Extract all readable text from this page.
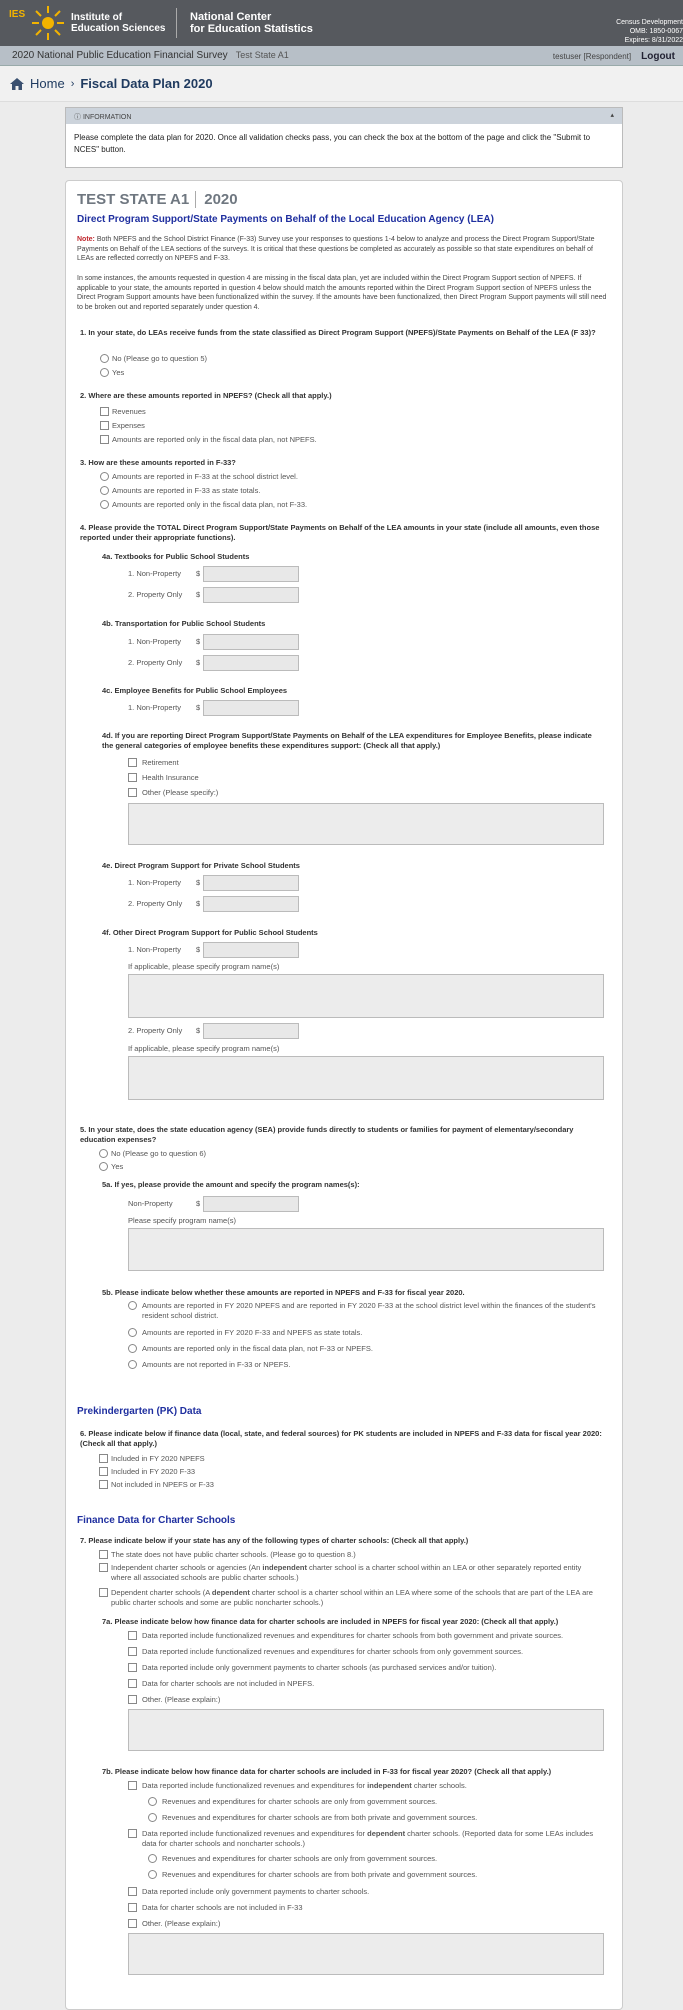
IES	Institute of
Education Sciences
National Center
for Education Statistics
Census Development
OMB: 1850-0067
Expires: 8/31/2022
2020 National Public Education Financial Survey Test State A1	testuser [Respondent] Logout
Home › Fiscal Data Plan 2020
ⓘ INFORMATION	▴
Please complete the data plan for 2020. Once all validation checks pass, you can check the box at the bottom of the page and click the "Submit to NCES" button.
TEST STATE A1 2020
Direct Program Support/State Payments on Behalf of the Local Education Agency (LEA)
Note: Both NPEFS and the School District Finance (F-33) Survey use your responses to questions 1-4 below to analyze and process the Direct Program Support/State Payments on Behalf of the LEA sections of the surveys. It is critical that these questions be completed as accurately as possible so that state expenditures on behalf of LEAs are reflected correctly on NPEFS and F-33.
In some instances, the amounts requested in question 4 are missing in the fiscal data plan, yet are included within the Direct Program Support section of NPEFS. If applicable to your state, the amounts reported in question 4 below should match the amounts reported within the Direct Program Support section of NPEFS unless the Direct Program Support amounts have been functionalized within the survey. If the amounts have been functionalized, then Direct Program Support payments will still need to be broken out and reported separately under question 4.
1. In your state, do LEAs receive funds from the state classified as Direct Program Support (NPEFS)/State Payments on Behalf of the LEA (F 33)?
No (Please go to question 5)
Yes
2. Where are these amounts reported in NPEFS? (Check all that apply.)
Revenues
Expenses
Amounts are reported only in the fiscal data plan, not NPEFS.
3. How are these amounts reported in F-33?
Amounts are reported in F-33 at the school district level.
Amounts are reported in F-33 as state totals.
Amounts are reported only in the fiscal data plan, not F-33.
4. Please provide the TOTAL Direct Program Support/State Payments on Behalf of the LEA amounts in your state (include all amounts, even those reported under their appropriate functions).
4a. Textbooks for Public School Students
1. Non-Property $
2. Property Only $
4b. Transportation for Public School Students
1. Non-Property $
2. Property Only $
4c. Employee Benefits for Public School Employees
1. Non-Property $
4d. If you are reporting Direct Program Support/State Payments on Behalf of the LEA expenditures for Employee Benefits, please indicate the general categories of employee benefits these expenditures support: (Check all that apply.)
Retirement
Health Insurance
Other (Please specify:)
4e. Direct Program Support for Private School Students
1. Non-Property $
2. Property Only $
4f. Other Direct Program Support for Public School Students
1. Non-Property $
If applicable, please specify program name(s)
2. Property Only $
If applicable, please specify program name(s)
5. In your state, does the state education agency (SEA) provide funds directly to students or families for payment of elementary/secondary education expenses?
No (Please go to question 6)
Yes
5a. If yes, please provide the amount and specify the program names(s):
Non-Property	$
Please specify program name(s)
5b. Please indicate below whether these amounts are reported in NPEFS and F-33 for fiscal year 2020.
Amounts are reported in FY 2020 NPEFS and are reported in FY 2020 F-33 at the school district level within the finances of the student's resident school district.
Amounts are reported in FY 2020 F-33 and NPEFS as state totals.
Amounts are reported only in the fiscal data plan, not F-33 or NPEFS.
Amounts are not reported in F-33 or NPEFS.
Prekindergarten (PK) Data
6. Please indicate below if finance data (local, state, and federal sources) for PK students are included in NPEFS and F-33 data for fiscal year 2020: (Check all that apply.)
Included in FY 2020 NPEFS
Included in FY 2020 F-33
Not included in NPEFS or F-33
Finance Data for Charter Schools
7. Please indicate below if your state has any of the following types of charter schools: (Check all that apply.)
The state does not have public charter schools. (Please go to question 8.)
Independent charter schools or agencies (An independent charter school is a charter school within an LEA or other separately reported entity where all associated schools are public charter schools.)
Dependent charter schools (A dependent charter school is a charter school within an LEA where some of the schools that are part of the LEA are public charter schools and some are public noncharter schools.)
7a. Please indicate below how finance data for charter schools are included in NPEFS for fiscal year 2020: (Check all that apply.)
Data reported include functionalized revenues and expenditures for charter schools from both government and private sources.
Data reported include functionalized revenues and expenditures for charter schools from only government sources.
Data reported include only government payments to charter schools (as purchased services and/or tuition).
Data for charter schools are not included in NPEFS.
Other. (Please explain:)
7b. Please indicate below how finance data for charter schools are included in F-33 for fiscal year 2020? (Check all that apply.)
Data reported include functionalized revenues and expenditures for independent charter schools.
Revenues and expenditures for charter schools are only from government sources.
Revenues and expenditures for charter schools are from both private and government sources.
Data reported include functionalized revenues and expenditures for dependent charter schools. (Reported data for some LEAs includes data for charter schools and noncharter schools.)
Revenues and expenditures for charter schools are only from government sources.
Revenues and expenditures for charter schools are from both private and government sources.
Data reported include only government payments to charter schools.
Data for charter schools are not included in F-33
Other. (Please explain:)
